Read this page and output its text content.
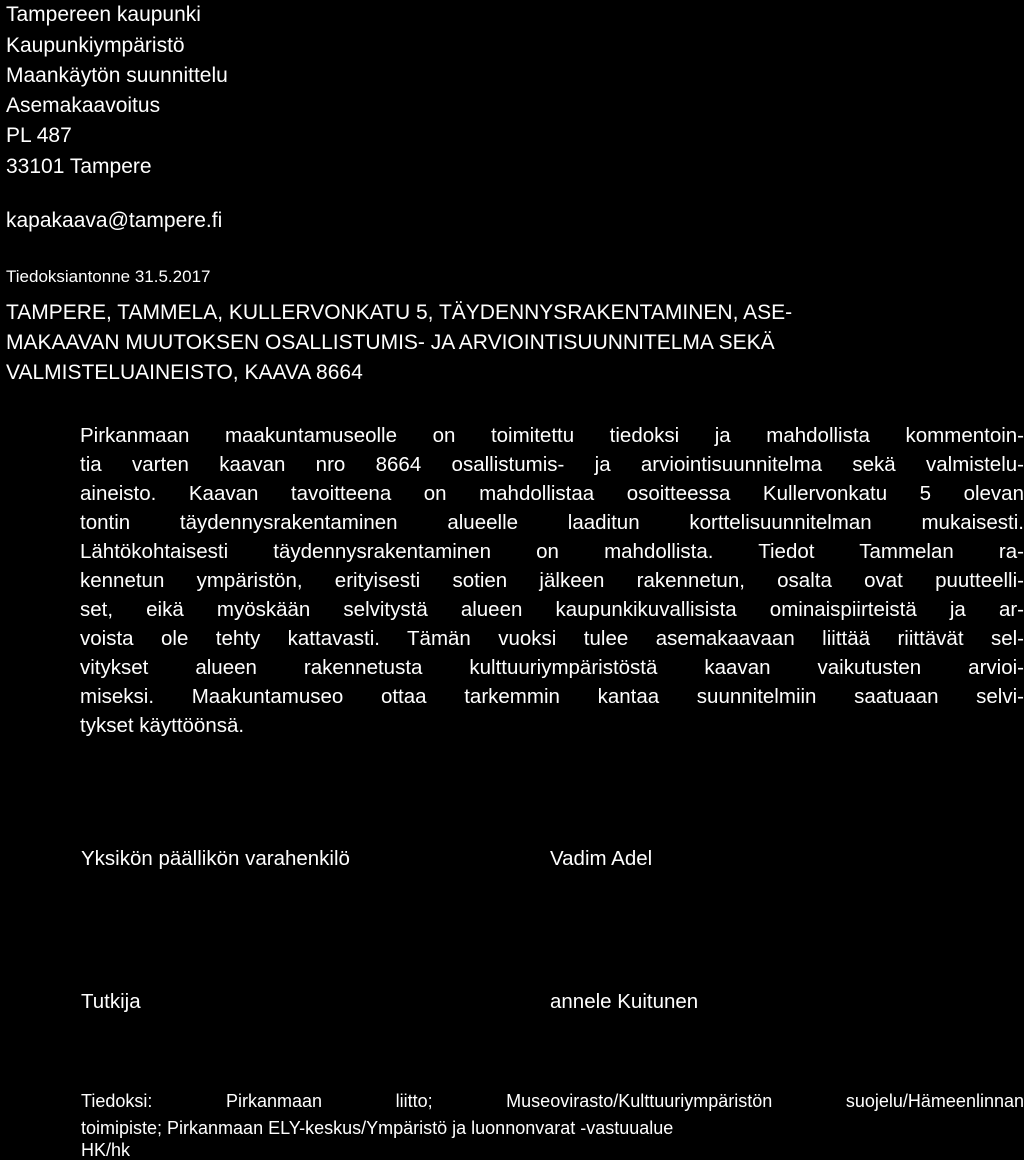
Tampereen kaupunki
Kaupunkiympäristö
Maankäytön suunnittelu
Asemakaavoitus
PL 487
33101 Tampere
kapakaava@tampere.fi
Tiedoksiantonne 31.5.2017
TAMPERE, TAMMELA, KULLERVONKATU 5, TÄYDENNYSRAKENTAMINEN, ASE-
MAKAAVAN MUUTOKSEN OSALLISTUMIS- JA ARVIOINTISUUNNITELMA SEKÄ
VALMISTELUAINEISTO, KAAVA 8664
Pirkanmaan maakuntamuseolle on toimitettu tiedoksi ja mahdollista kommentoin-
tia varten kaavan nro 8664 osallistumis- ja arviointisuunnitelma sekä valmistelu-
aineisto. Kaavan tavoitteena on mahdollistaa osoitteessa Kullervonkatu 5 olevan
tontin täydennysrakentaminen alueelle laaditun korttelisuunnitelman mukaisesti.
Lähtökohtaisesti täydennysrakentaminen on mahdollista. Tiedot Tammelan ra-
kennetun ympäristön, erityisesti sotien jälkeen rakennetun, osalta ovat puutteelli-
set, eikä myöskään selvitystä alueen kaupunkikuvallisista ominaispiirteistä ja ar-
voista ole tehty kattavasti. Tämän vuoksi tulee asemakaavaan liittää riittävät sel-
vitykset alueen rakennetusta kulttuuriympäristöstä kaavan vaikutusten arvioi-
miseksi. Maakuntamuseo ottaa tarkemmin kantaa suunnitelmiin saatuaan selvi-
tykset käyttöönsä.
Yksikön päällikön varahenkilö	Vadim Adel
Tutkija	annele Kuitunen
Tiedoksi: Pirkanmaan liitto; Museovirasto/Kulttuuriympäristön suojelu/Hämeenlinnan
toimipiste; Pirkanmaan ELY-keskus/Ympäristö ja luonnonvarat -vastuualue
HK/hk
